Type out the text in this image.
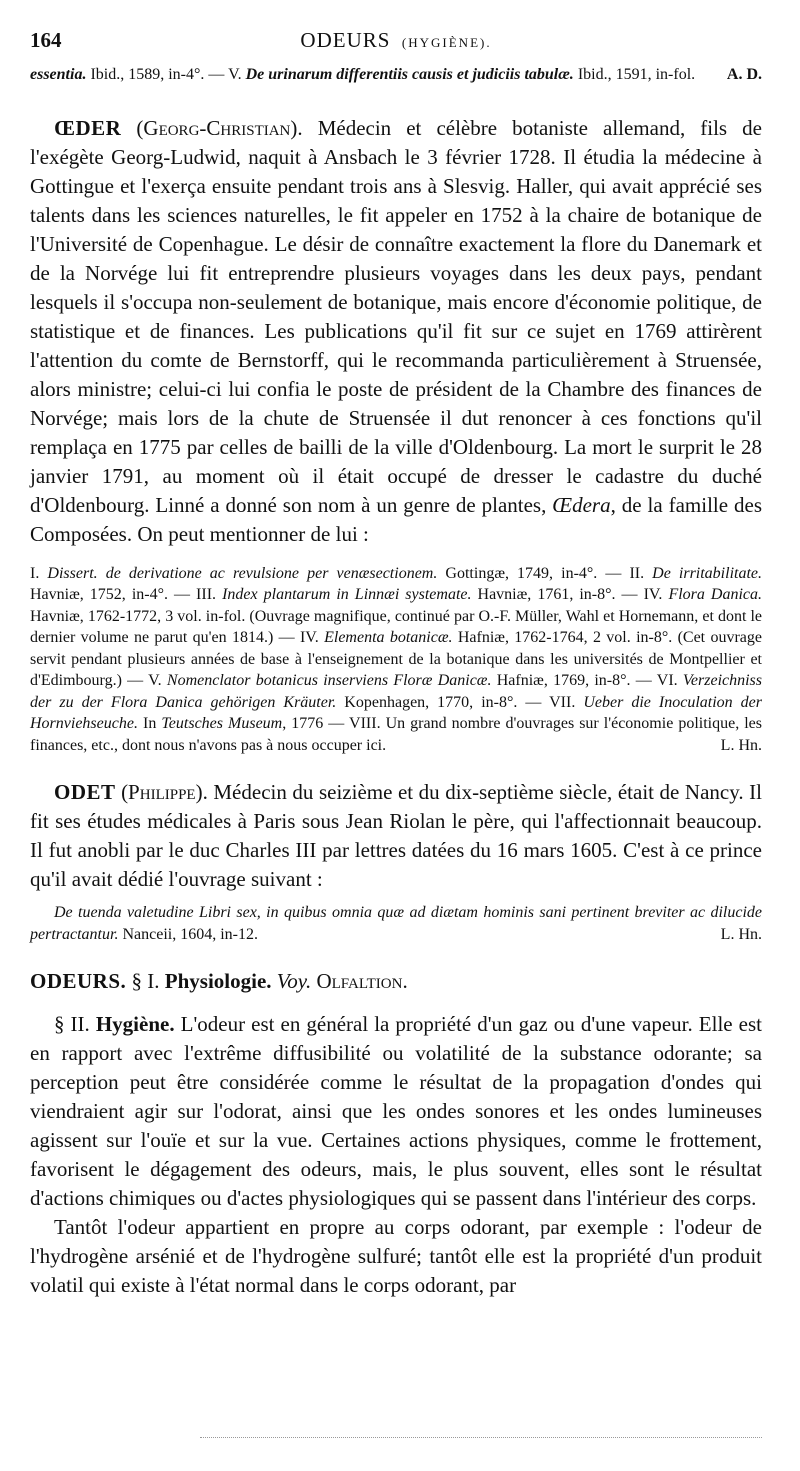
164	ODEURS (HYGIÈNE).

essentia. Ibid., 1589, in-4°. — V. De urinarum differentiis causis et judiciis tabulæ. Ibid., 1591, in-fol.	A. D.

ŒDER (Georg-Christian). Médecin et célèbre botaniste allemand, fils de l'exégète Georg-Ludwid, naquit à Ansbach le 3 février 1728. Il étudia la médecine à Gottingue et l'exerça ensuite pendant trois ans à Slesvig. Haller, qui avait apprécié ses talents dans les sciences naturelles, le fit appeler en 1752 à la chaire de botanique de l'Université de Copenhague. Le désir de connaître exactement la flore du Danemark et de la Norvége lui fit entreprendre plusieurs voyages dans les deux pays, pendant lesquels il s'occupa non-seulement de botanique, mais encore d'économie politique, de statistique et de finances. Les publications qu'il fit sur ce sujet en 1769 attirèrent l'attention du comte de Bernstorff, qui le recommanda particulièrement à Struensée, alors ministre; celui-ci lui confia le poste de président de la Chambre des finances de Norvége; mais lors de la chute de Struensée il dut renoncer à ces fonctions qu'il remplaça en 1775 par celles de bailli de la ville d'Oldenbourg. La mort le surprit le 28 janvier 1791, au moment où il était occupé de dresser le cadastre du duché d'Oldenbourg. Linné a donné son nom à un genre de plantes, Œdera, de la famille des Composées. On peut mentionner de lui :

I. Dissert. de derivatione ac revulsione per venæsectionem. Gottingæ, 1749, in-4°. — II. De irritabilitate. Havniæ, 1752, in-4°. — III. Index plantarum in Linnæi systemate. Havniæ, 1761, in-8°. — IV. Flora Danica. Havniæ, 1762-1772, 3 vol. in-fol. (Ouvrage magnifique, continué par O.-F. Müller, Wahl et Hornemann, et dont le dernier volume ne parut qu'en 1814.) — IV. Elementa botanicæ. Hafniæ, 1762-1764, 2 vol. in-8°. (Cet ouvrage servit pendant plusieurs années de base à l'enseignement de la botanique dans les universités de Montpellier et d'Edimbourg.) — V. Nomenclator botanicus inserviens Floræ Danicæ. Hafniæ, 1769, in-8°. — VI. Verzeichniss der zu der Flora Danica gehörigen Kräuter. Kopenhagen, 1770, in-8°. — VII. Ueber die Inoculation der Hornviehseuche. In Teutsches Museum, 1776 — VIII. Un grand nombre d'ouvrages sur l'économie politique, les finances, etc., dont nous n'avons pas à nous occuper ici.	L. Hn.

ODET (Philippe). Médecin du seizième et du dix-septième siècle, était de Nancy. Il fit ses études médicales à Paris sous Jean Riolan le père, qui l'affectionnait beaucoup. Il fut anobli par le duc Charles III par lettres datées du 16 mars 1605. C'est à ce prince qu'il avait dédié l'ouvrage suivant :

De tuenda valetudine Libri sex, in quibus omnia quæ ad diætam hominis sani pertinent breviter ac dilucide pertractantur. Nanceii, 1604, in-12.	L. Hn.

ODEURS. § I. Physiologie. Voy. Olfaltion.

§ II. Hygiène. L'odeur est en général la propriété d'un gaz ou d'une vapeur. Elle est en rapport avec l'extrême diffusibilité ou volatilité de la substance odorante; sa perception peut être considérée comme le résultat de la propagation d'ondes qui viendraient agir sur l'odorat, ainsi que les ondes sonores et les ondes lumineuses agissent sur l'ouïe et sur la vue. Certaines actions physiques, comme le frottement, favorisent le dégagement des odeurs, mais, le plus souvent, elles sont le résultat d'actions chimiques ou d'actes physiologiques qui se passent dans l'intérieur des corps.

Tantôt l'odeur appartient en propre au corps odorant, par exemple : l'odeur de l'hydrogène arsénié et de l'hydrogène sulfuré; tantôt elle est la propriété d'un produit volatil qui existe à l'état normal dans le corps odorant, par
